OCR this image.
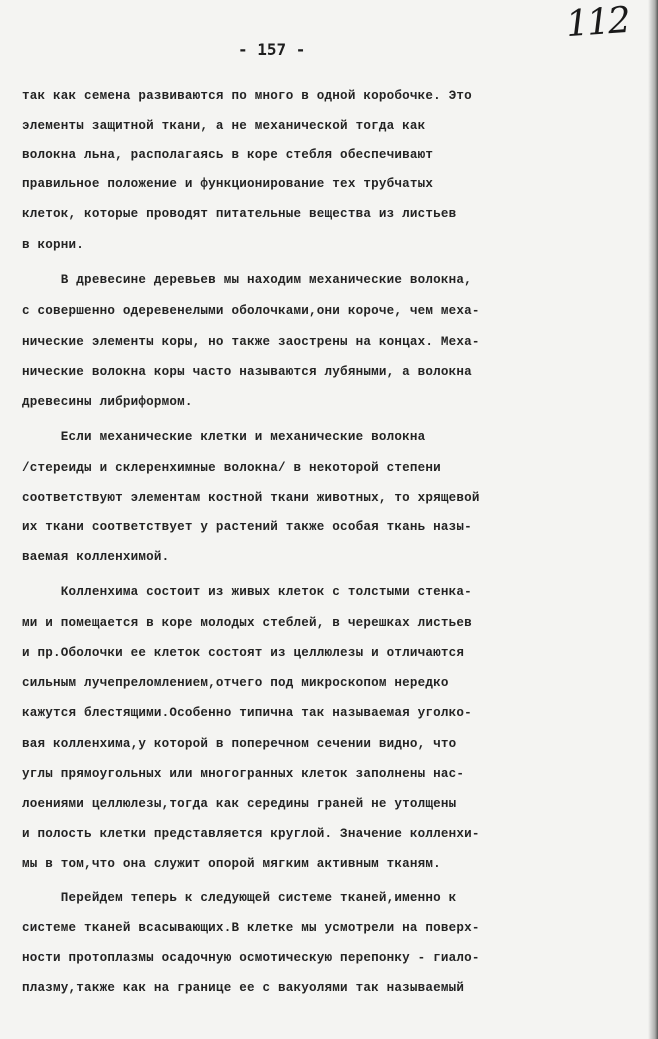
112
- 157 -
так как семена развиваются по много в одной коробочке. Это
элементы защитной ткани, а не механической тогда как
волокна льна, располагаясь в коре стебля обеспечивают
правильное положение и функционирование тех трубчатых
клеток, которые проводят питательные вещества из листьев
в корни.
В древесине деревьев мы находим механические волокна,
с совершенно одеревенелыми оболочками,они короче, чем меха-
нические элементы коры, но также заострены на концах. Меха-
нические волокна коры часто называются лубяными, а волокна
древесины либриформом.
Если механические клетки и механические волокна
/стереиды и склеренхимные волокна/ в некоторой степени
соответствуют элементам костной ткани животных, то хрящевой
их ткани соответствует у растений также особая ткань назы-
ваемая колленхимой.
Колленхима состоит из живых клеток с толстыми стенка-
ми и помещается в коре молодых стеблей, в черешках листьев
и пр.Оболочки ее клеток состоят из целлюлезы и отличаются
сильным лучепреломлением,отчего под микроскопом нередко
кажутся блестящими.Особенно типична так называемая уголко-
вая колленхима,у которой в поперечном сечении видно, что
углы прямоугольных или многогранных клеток заполнены нас-
лоениями целлюлезы,тогда как середины граней не утолщены
и полость клетки представляется круглой. Значение колленхи-
мы в том,что она служит опорой мягким активным тканям.
Перейдем теперь к следующей системе тканей,именно к
системе тканей всасывающих.В клетке мы усмотрели на поверх-
ности протоплазмы осадочную осмотическую перепонку - гиало-
плазму,также как на границе ее с вакуолями так называемый
